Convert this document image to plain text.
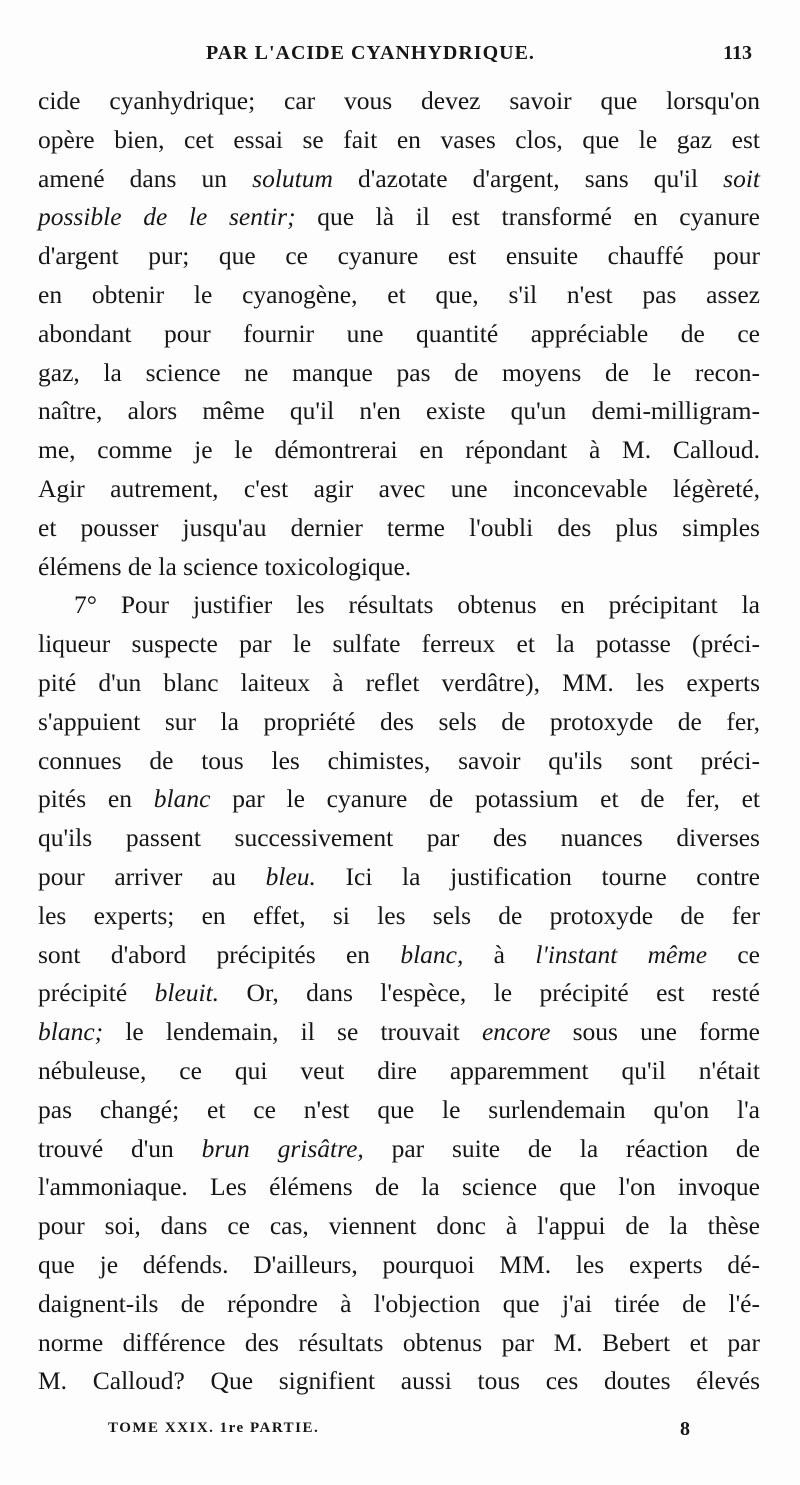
PAR L'ACIDE CYANHYDRIQUE.	113
cide cyanhydrique; car vous devez savoir que lorsqu'on
opère bien, cet essai se fait en vases clos, que le gaz est
amené dans un solutum d'azotate d'argent, sans qu'il soit
possible de le sentir; que là il est transformé en cyanure
d'argent pur; que ce cyanure est ensuite chauffé pour
en obtenir le cyanogène, et que, s'il n'est pas assez
abondant pour fournir une quantité appréciable de ce
gaz, la science ne manque pas de moyens de le recon-
naître, alors même qu'il n'en existe qu'un demi-milligram-
me, comme je le démontrerai en répondant à M. Calloud.
Agir autrement, c'est agir avec une inconcevable légèreté,
et pousser jusqu'au dernier terme l'oubli des plus simples
élémens de la science toxicologique.
7° Pour justifier les résultats obtenus en précipitant la
liqueur suspecte par le sulfate ferreux et la potasse (préci-
pité d'un blanc laiteux à reflet verdâtre), MM. les experts
s'appuient sur la propriété des sels de protoxyde de fer,
connues de tous les chimistes, savoir qu'ils sont préci-
pités en blanc par le cyanure de potassium et de fer, et
qu'ils passent successivement par des nuances diverses
pour arriver au bleu. Ici la justification tourne contre
les experts; en effet, si les sels de protoxyde de fer
sont d'abord précipités en blanc, à l'instant même ce
précipité bleuit. Or, dans l'espèce, le précipité est resté
blanc; le lendemain, il se trouvait encore sous une forme
nébuleuse, ce qui veut dire apparemment qu'il n'était
pas changé; et ce n'est que le surlendemain qu'on l'a
trouvé d'un brun grisâtre, par suite de la réaction de
l'ammoniaque. Les élémens de la science que l'on invoque
pour soi, dans ce cas, viennent donc à l'appui de la thèse
que je défends. D'ailleurs, pourquoi MM. les experts dé-
daignent-ils de répondre à l'objection que j'ai tirée de l'é-
norme différence des résultats obtenus par M. Bebert et par
M. Calloud? Que signifient aussi tous ces doutes élevés
TOME XXIX. 1re PARTIE.	8
